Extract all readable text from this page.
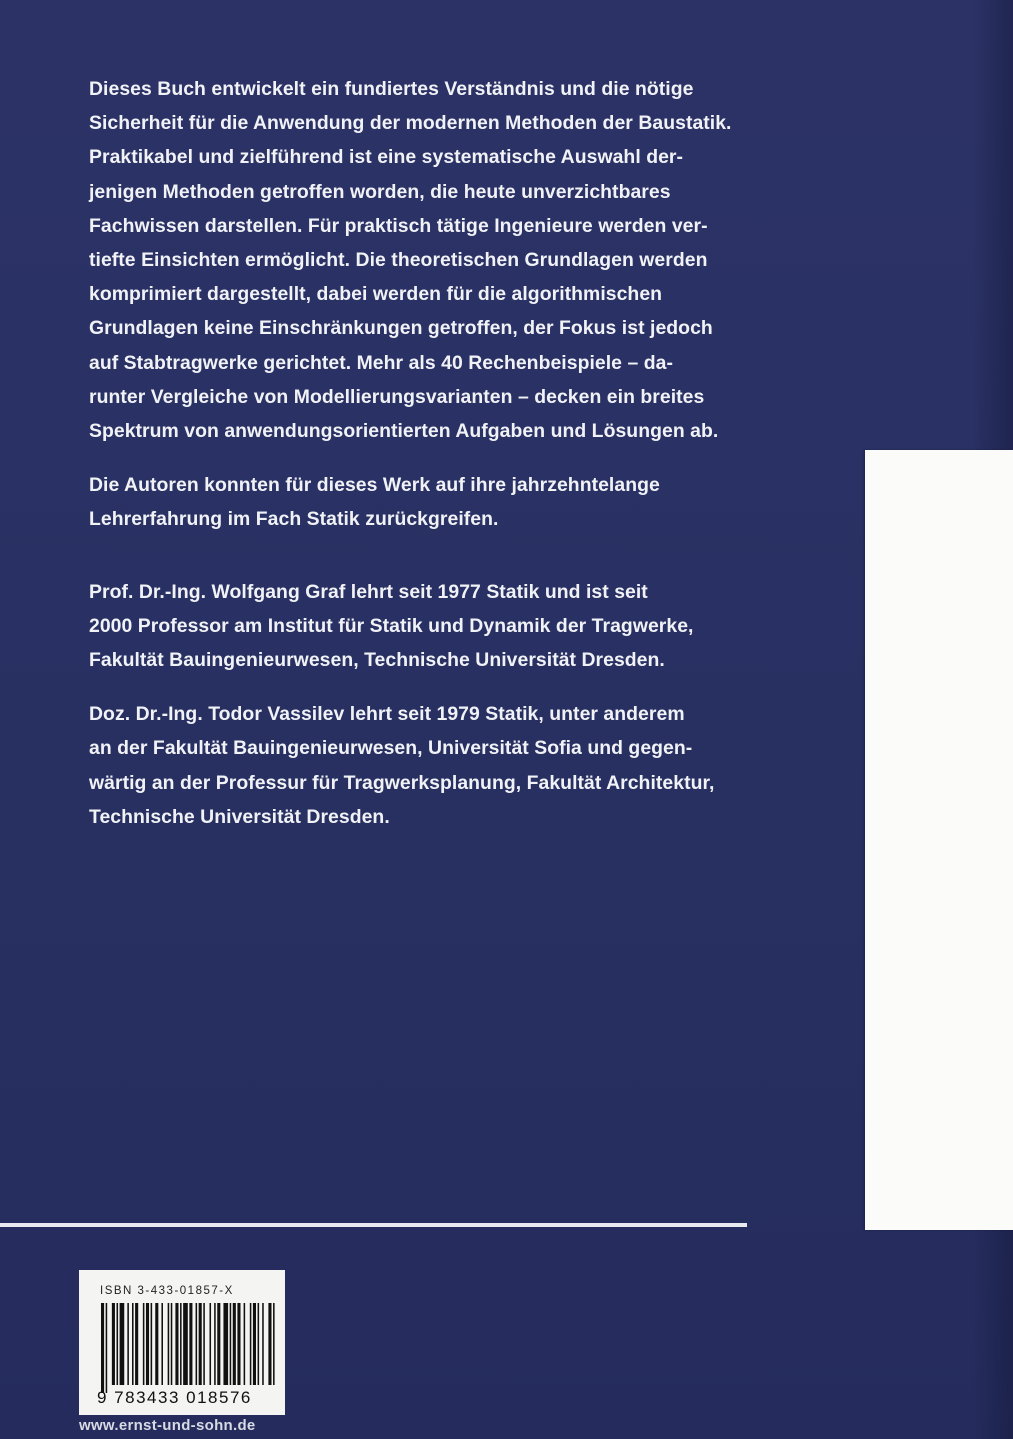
Dieses Buch entwickelt ein fundiertes Verständnis und die nötige
Sicherheit für die Anwendung der modernen Methoden der Baustatik.
Praktikabel und zielführend ist eine systematische Auswahl der-
jenigen Methoden getroffen worden, die heute unverzichtbares
Fachwissen darstellen. Für praktisch tätige Ingenieure werden ver-
tiefte Einsichten ermöglicht. Die theoretischen Grundlagen werden
komprimiert dargestellt, dabei werden für die algorithmischen
Grundlagen keine Einschränkungen getroffen, der Fokus ist jedoch
auf Stabtragwerke gerichtet. Mehr als 40 Rechenbeispiele – da-
runter Vergleiche von Modellierungsvarianten – decken ein breites
Spektrum von anwendungsorientierten Aufgaben und Lösungen ab.

Die Autoren konnten für dieses Werk auf ihre jahrzehntelange
Lehrerfahrung im Fach Statik zurückgreifen.

Prof. Dr.-Ing. Wolfgang Graf lehrt seit 1977 Statik und ist seit
2000 Professor am Institut für Statik und Dynamik der Tragwerke,
Fakultät Bauingenieurwesen, Technische Universität Dresden.

Doz. Dr.-Ing. Todor Vassilev lehrt seit 1979 Statik, unter anderem
an der Fakultät Bauingenieurwesen, Universität Sofia und gegen-
wärtig an der Professur für Tragwerksplanung, Fakultät Architektur,
Technische Universität Dresden.

ISBN 3-433-01857-X
9 783433 018576
www.ernst-und-sohn.de
